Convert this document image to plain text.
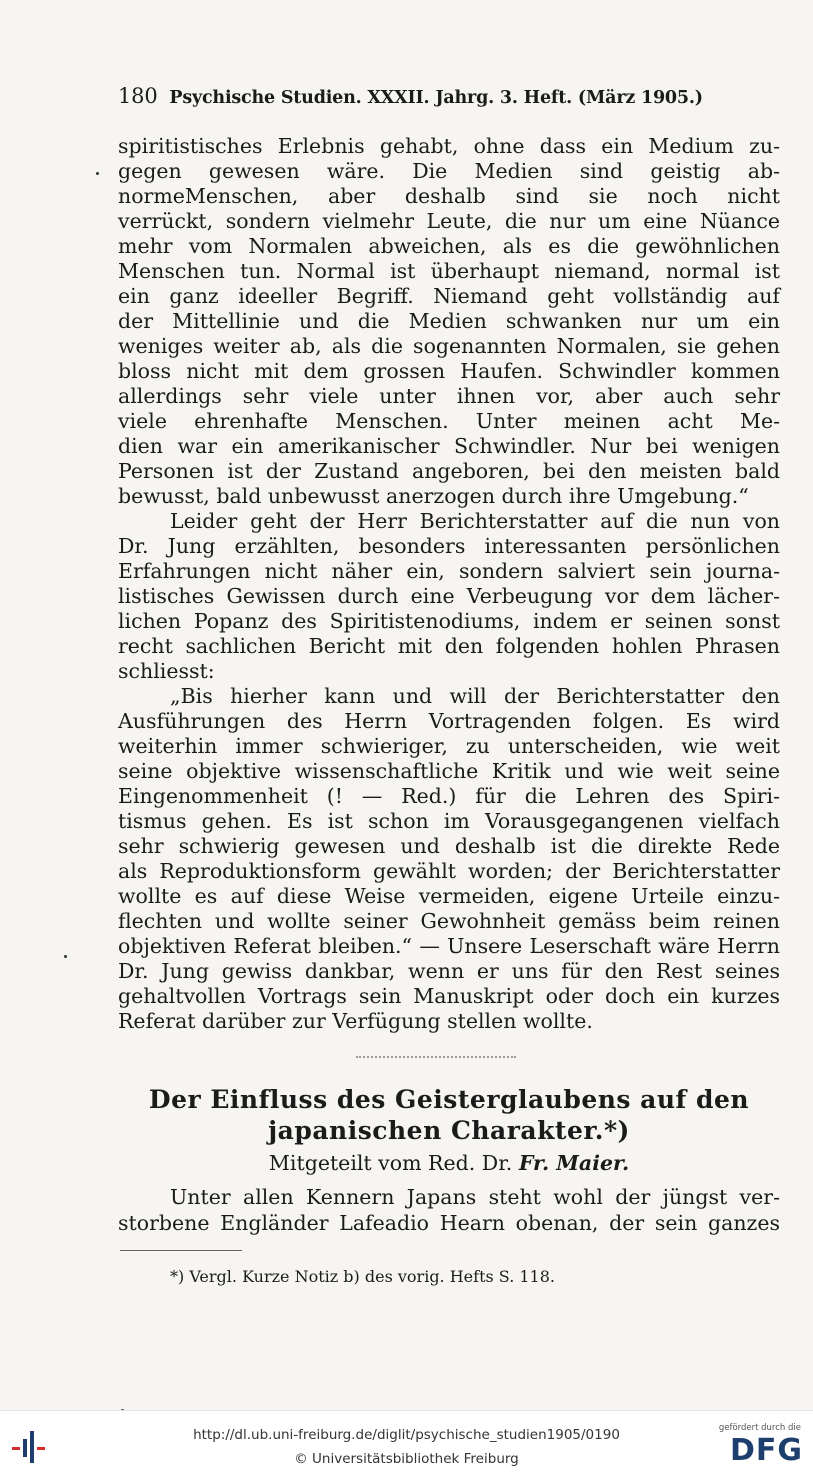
180 Psychische Studien. XXXII. Jahrg. 3. Heft. (März 1905.)
spiritistisches Erlebnis gehabt, ohne dass ein Medium zu-
gegen gewesen wäre. Die Medien sind geistig ab-
normeMenschen, aber deshalb sind sie noch nicht
verrückt, sondern vielmehr Leute, die nur um eine Nüance
mehr vom Normalen abweichen, als es die gewöhnlichen
Menschen tun. Normal ist überhaupt niemand, normal ist
ein ganz ideeller Begriff. Niemand geht vollständig auf
der Mittellinie und die Medien schwanken nur um ein
weniges weiter ab, als die sogenannten Normalen, sie gehen
bloss nicht mit dem grossen Haufen. Schwindler kommen
allerdings sehr viele unter ihnen vor, aber auch sehr
viele ehrenhafte Menschen. Unter meinen acht Me-
dien war ein amerikanischer Schwindler. Nur bei wenigen
Personen ist der Zustand angeboren, bei den meisten bald
bewusst, bald unbewusst anerzogen durch ihre Umgebung.“
Leider geht der Herr Berichterstatter auf die nun von
Dr. Jung erzählten, besonders interessanten persönlichen
Erfahrungen nicht näher ein, sondern salviert sein journa-
listisches Gewissen durch eine Verbeugung vor dem lächer-
lichen Popanz des Spiritistenodiums, indem er seinen sonst
recht sachlichen Bericht mit den folgenden hohlen Phrasen
schliesst:
„Bis hierher kann und will der Berichterstatter den
Ausführungen des Herrn Vortragenden folgen. Es wird
weiterhin immer schwieriger, zu unterscheiden, wie weit
seine objektive wissenschaftliche Kritik und wie weit seine
Eingenommenheit (! — Red.) für die Lehren des Spiri-
tismus gehen. Es ist schon im Vorausgegangenen vielfach
sehr schwierig gewesen und deshalb ist die direkte Rede
als Reproduktionsform gewählt worden; der Berichterstatter
wollte es auf diese Weise vermeiden, eigene Urteile einzu-
flechten und wollte seiner Gewohnheit gemäss beim reinen
objektiven Referat bleiben.“ — Unsere Leserschaft wäre Herrn
Dr. Jung gewiss dankbar, wenn er uns für den Rest seines
gehaltvollen Vortrags sein Manuskript oder doch ein kurzes
Referat darüber zur Verfügung stellen wollte.
Der Einfluss des Geisterglaubens auf den
japanischen Charakter.*)
Mitgeteilt vom Red. Dr. Fr. Maier.
Unter allen Kennern Japans steht wohl der jüngst ver-
storbene Engländer Lafeadio Hearn obenan, der sein ganzes
*) Vergl. Kurze Notiz b) des vorig. Hefts S. 118.
http://dl.ub.uni-freiburg.de/diglit/psychische_studien1905/0190
© Universitätsbibliothek Freiburg
gefördert durch die
DFG
